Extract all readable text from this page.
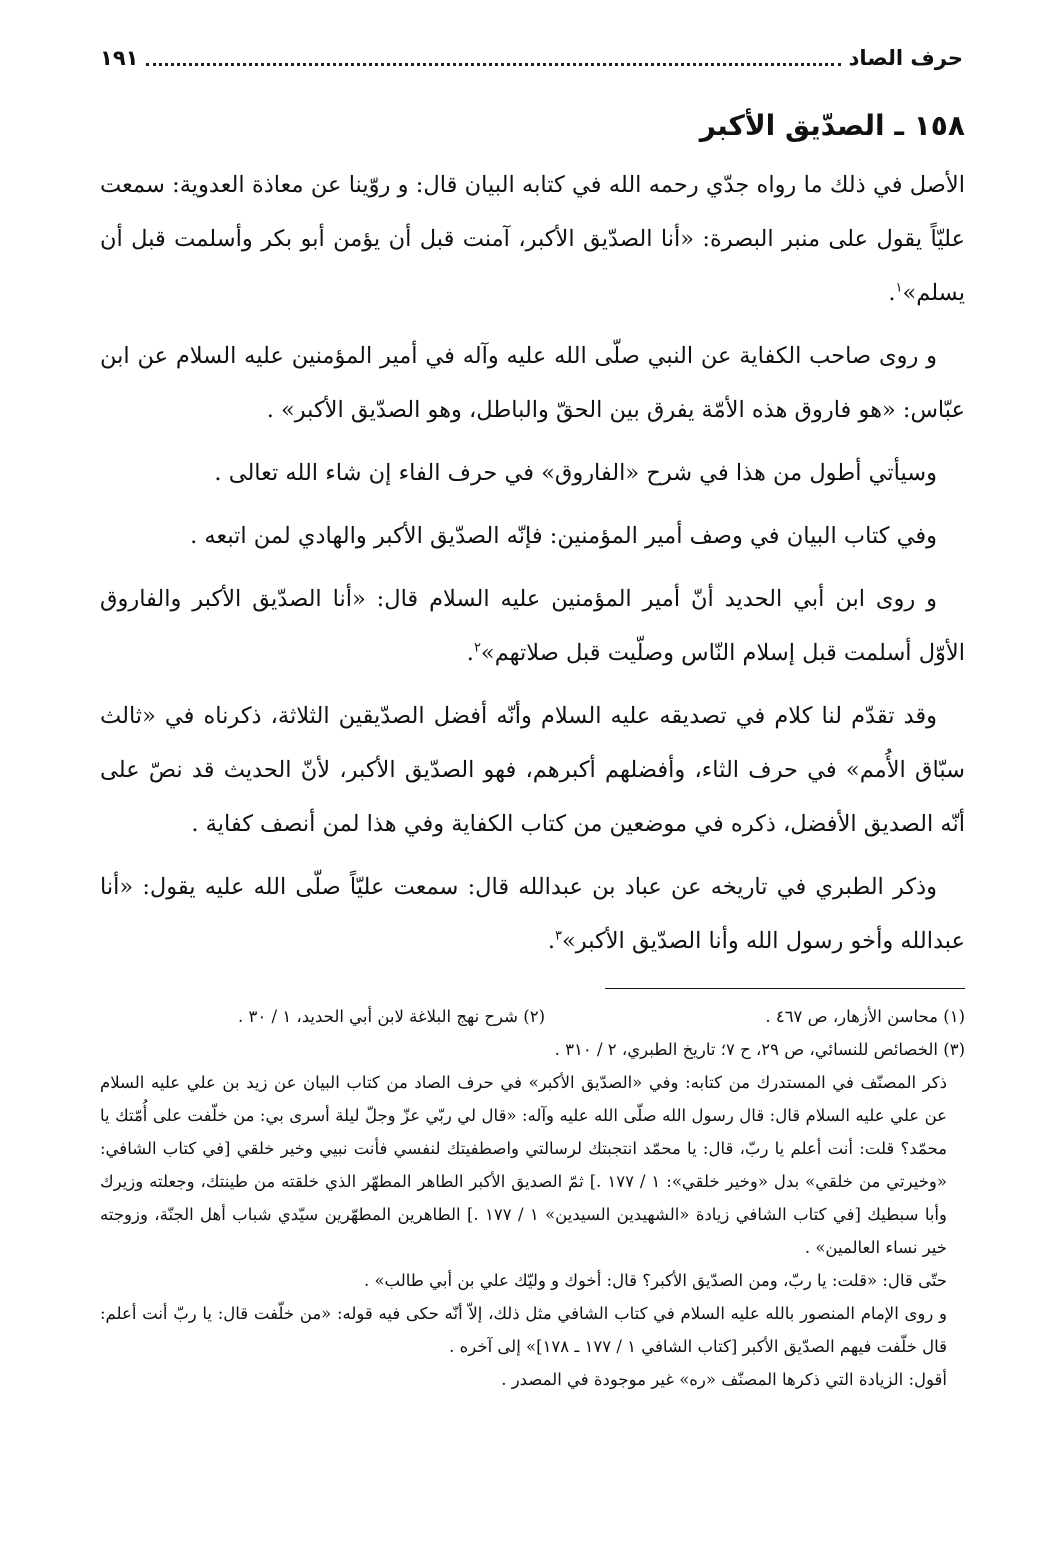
حرف الصاد
١٩١
١٥٨ ـ الصدّيق الأكبر

الأصل في ذلك ما رواه جدّي رحمه الله في كتابه البيان قال: و روّينا عن معاذة العدوية: سمعت عليّاً يقول على منبر البصرة: «أنا الصدّيق الأكبر، آمنت قبل أن يؤمن أبو بكر وأسلمت قبل أن يسلم»$^١$.

و روى صاحب الكفاية عن النبي صلّى الله عليه وآله في أمير المؤمنين عليه السلام عن ابن عبّاس: «هو فاروق هذه الأمّة يفرق بين الحقّ والباطل، وهو الصدّيق الأكبر» .

وسيأتي أطول من هذا في شرح «الفاروق» في حرف الفاء إن شاء الله تعالى .

وفي كتاب البيان في وصف أمير المؤمنين: فإنّه الصدّيق الأكبر والهادي لمن اتبعه .

و روى ابن أبي الحديد أنّ أمير المؤمنين عليه السلام قال: «أنا الصدّيق الأكبر والفاروق الأوّل أسلمت قبل إسلام النّاس وصلّيت قبل صلاتهم»$^٢$.

وقد تقدّم لنا كلام في تصديقه عليه السلام وأنّه أفضل الصدّيقين الثلاثة، ذكرناه في «ثالث سبّاق الأُمم» في حرف الثاء، وأفضلهم أكبرهم، فهو الصدّيق الأكبر، لأنّ الحديث قد نصّ على أنّه الصديق الأفضل، ذكره في موضعين من كتاب الكفاية وفي هذا لمن أنصف كفاية .

وذكر الطبري في تاريخه عن عباد بن عبدالله قال: سمعت عليّاً صلّى الله عليه يقول: «أنا عبدالله وأخو رسول الله وأنا الصدّيق الأكبر»$^٣$.

(١) محاسن الأزهار، ص ٤٦٧ .
(٢) شرح نهج البلاغة لابن أبي الحديد، ١ / ٣٠ .

(٣) الخصائص للنسائي، ص ٢٩، ح ٧؛ تاريخ الطبري، ٢ / ٣١٠ .

ذكر المصنّف في المستدرك من كتابه: وفي «الصدّيق الأكبر» في حرف الصاد من كتاب البيان عن زيد بن علي عليه السلام عن علي عليه السلام قال: قال رسول الله صلّى الله عليه وآله: «قال لي ربّي عزّ وجلّ ليلة أسرى بي: من خلّفت على أُمّتك يا محمّد؟ قلت: أنت أعلم يا ربّ، قال: يا محمّد انتجبتك لرسالتي واصطفيتك لنفسي فأنت نبيي وخير خلقي [في كتاب الشافي: «وخيرتي من خلقي» بدل «وخير خلقي»: ١ / ١٧٧ .] ثمّ الصديق الأكبر الطاهر المطهّر الذي خلقته من طينتك، وجعلته وزيرك وأبا سبطيك [في كتاب الشافي زيادة «الشهيدين السيدين» ١ / ١٧٧ .] الطاهرين المطهّرين سيّدي شباب أهل الجنّة، وزوجته خير نساء العالمين» .

حتّى قال: «قلت: يا ربّ، ومن الصدّيق الأكبر؟ قال: أخوك و وليّك علي بن أبي طالب» .

و روى الإمام المنصور بالله عليه السلام في كتاب الشافي مثل ذلك، إلاّ أنّه حكى فيه قوله: «من خلّفت قال: يا ربّ أنت أعلم: قال خلّفت فيهم الصدّيق الأكبر [كتاب الشافي ١ / ١٧٧ ـ ١٧٨]» إلى آخره .

أقول: الزيادة التي ذكرها المصنّف «ره» غير موجودة في المصدر .
